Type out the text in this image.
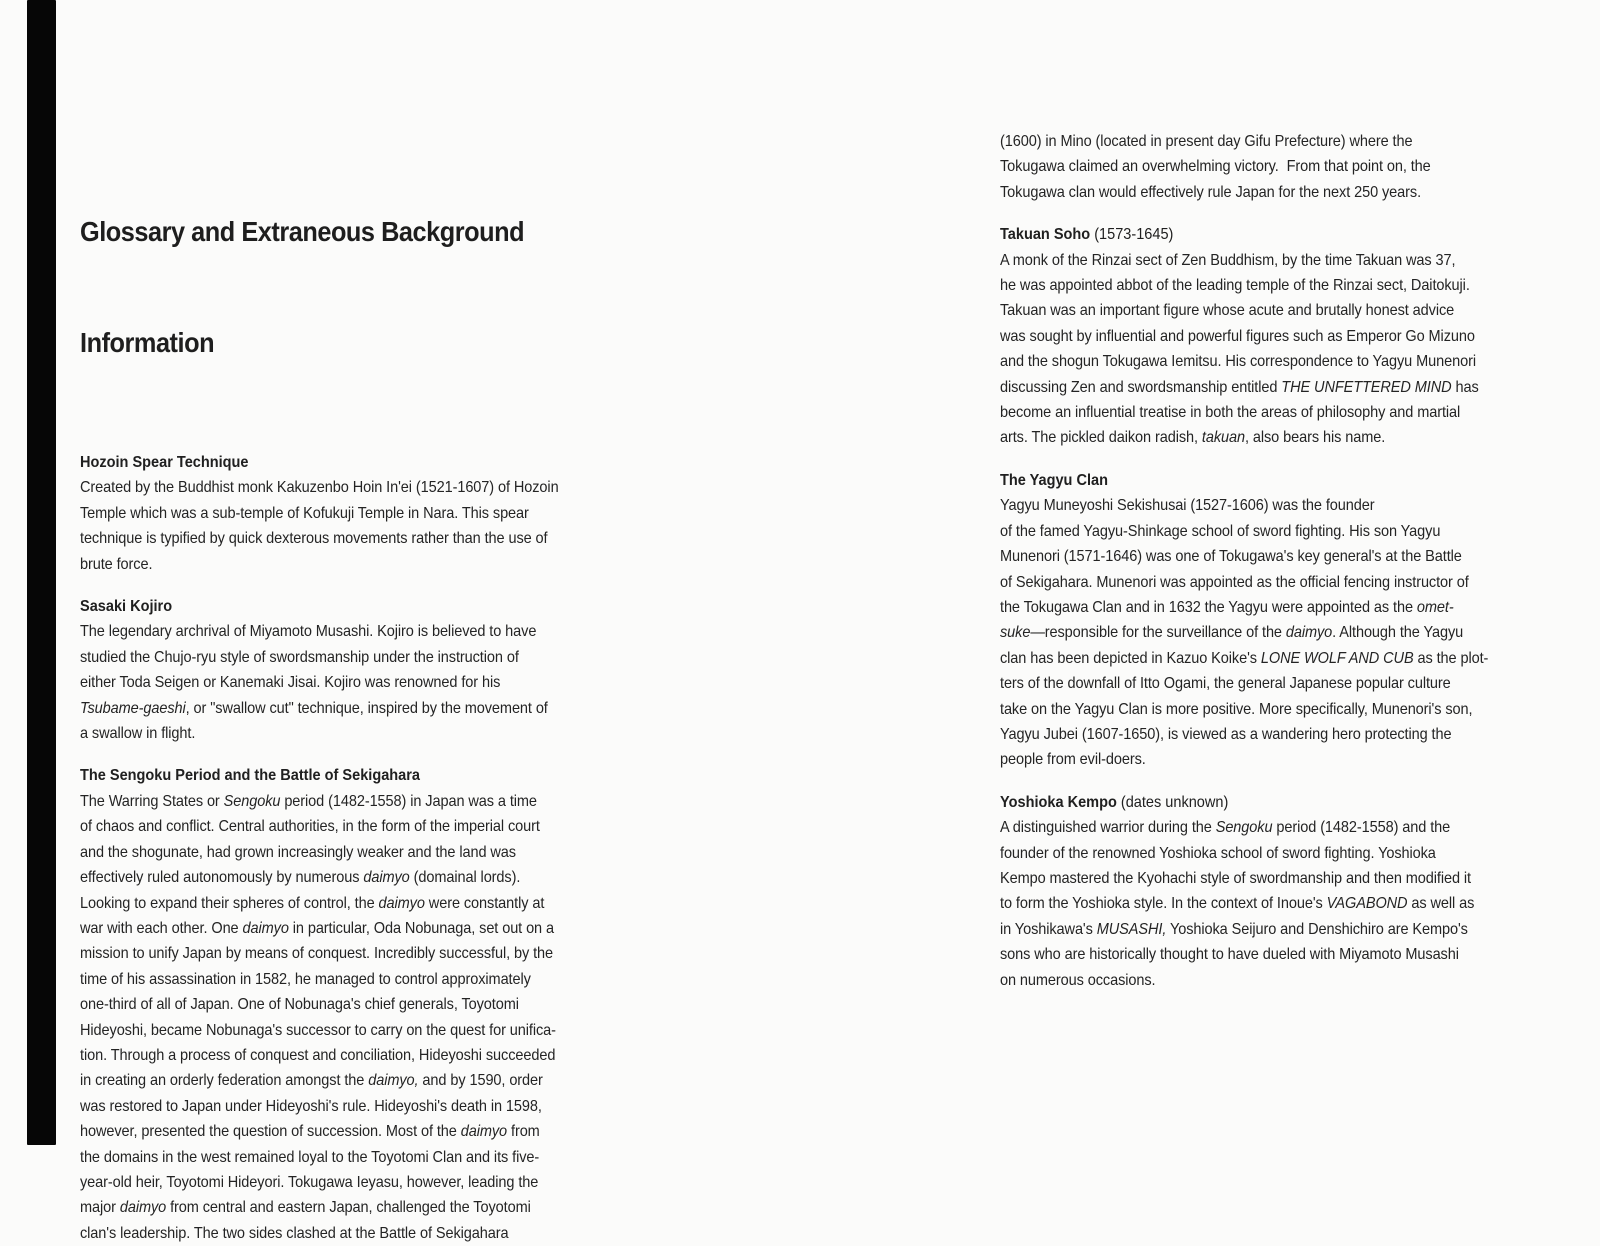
Glossary and Extraneous Background

Information

Hozoin Spear Technique
Created by the Buddhist monk Kakuzenbo Hoin In'ei (1521-1607) of Hozoin
Temple which was a sub-temple of Kofukuji Temple in Nara. This spear
technique is typified by quick dexterous movements rather than the use of
brute force.
Sasaki Kojiro
The legendary archrival of Miyamoto Musashi. Kojiro is believed to have
studied the Chujo-ryu style of swordsmanship under the instruction of
either Toda Seigen or Kanemaki Jisai. Kojiro was renowned for his
Tsubame-gaeshi, or "swallow cut" technique, inspired by the movement of
a swallow in flight.
The Sengoku Period and the Battle of Sekigahara
The Warring States or Sengoku period (1482-1558) in Japan was a time
of chaos and conflict. Central authorities, in the form of the imperial court
and the shogunate, had grown increasingly weaker and the land was
effectively ruled autonomously by numerous daimyo (domainal lords).
Looking to expand their spheres of control, the daimyo were constantly at
war with each other. One daimyo in particular, Oda Nobunaga, set out on a
mission to unify Japan by means of conquest. Incredibly successful, by the
time of his assassination in 1582, he managed to control approximately
one-third of all of Japan. One of Nobunaga's chief generals, Toyotomi
Hideyoshi, became Nobunaga's successor to carry on the quest for unifica-
tion. Through a process of conquest and conciliation, Hideyoshi succeeded
in creating an orderly federation amongst the daimyo, and by 1590, order
was restored to Japan under Hideyoshi's rule. Hideyoshi's death in 1598,
however, presented the question of succession. Most of the daimyo from
the domains in the west remained loyal to the Toyotomi Clan and its five-
year-old heir, Toyotomi Hideyori. Tokugawa Ieyasu, however, leading the
major daimyo from central and eastern Japan, challenged the Toyotomi
clan's leadership. The two sides clashed at the Battle of Sekigahara
(1600) in Mino (located in present day Gifu Prefecture) where the
Tokugawa claimed an overwhelming victory.  From that point on, the
Tokugawa clan would effectively rule Japan for the next 250 years.
Takuan Soho (1573-1645)
A monk of the Rinzai sect of Zen Buddhism, by the time Takuan was 37,
he was appointed abbot of the leading temple of the Rinzai sect, Daitokuji.
Takuan was an important figure whose acute and brutally honest advice
was sought by influential and powerful figures such as Emperor Go Mizuno
and the shogun Tokugawa Iemitsu. His correspondence to Yagyu Munenori
discussing Zen and swordsmanship entitled THE UNFETTERED MIND has
become an influential treatise in both the areas of philosophy and martial
arts. The pickled daikon radish, takuan, also bears his name.
The Yagyu Clan
Yagyu Muneyoshi Sekishusai (1527-1606) was the founder
of the famed Yagyu-Shinkage school of sword fighting. His son Yagyu
Munenori (1571-1646) was one of Tokugawa's key general's at the Battle
of Sekigahara. Munenori was appointed as the official fencing instructor of
the Tokugawa Clan and in 1632 the Yagyu were appointed as the omet-
suke—responsible for the surveillance of the daimyo. Although the Yagyu
clan has been depicted in Kazuo Koike's LONE WOLF AND CUB as the plot-
ters of the downfall of Itto Ogami, the general Japanese popular culture
take on the Yagyu Clan is more positive. More specifically, Munenori's son,
Yagyu Jubei (1607-1650), is viewed as a wandering hero protecting the
people from evil-doers.
Yoshioka Kempo (dates unknown)
A distinguished warrior during the Sengoku period (1482-1558) and the
founder of the renowned Yoshioka school of sword fighting. Yoshioka
Kempo mastered the Kyohachi style of swordmanship and then modified it
to form the Yoshioka style. In the context of Inoue's VAGABOND as well as
in Yoshikawa's MUSASHI, Yoshioka Seijuro and Denshichiro are Kempo's
sons who are historically thought to have dueled with Miyamoto Musashi
on numerous occasions.
